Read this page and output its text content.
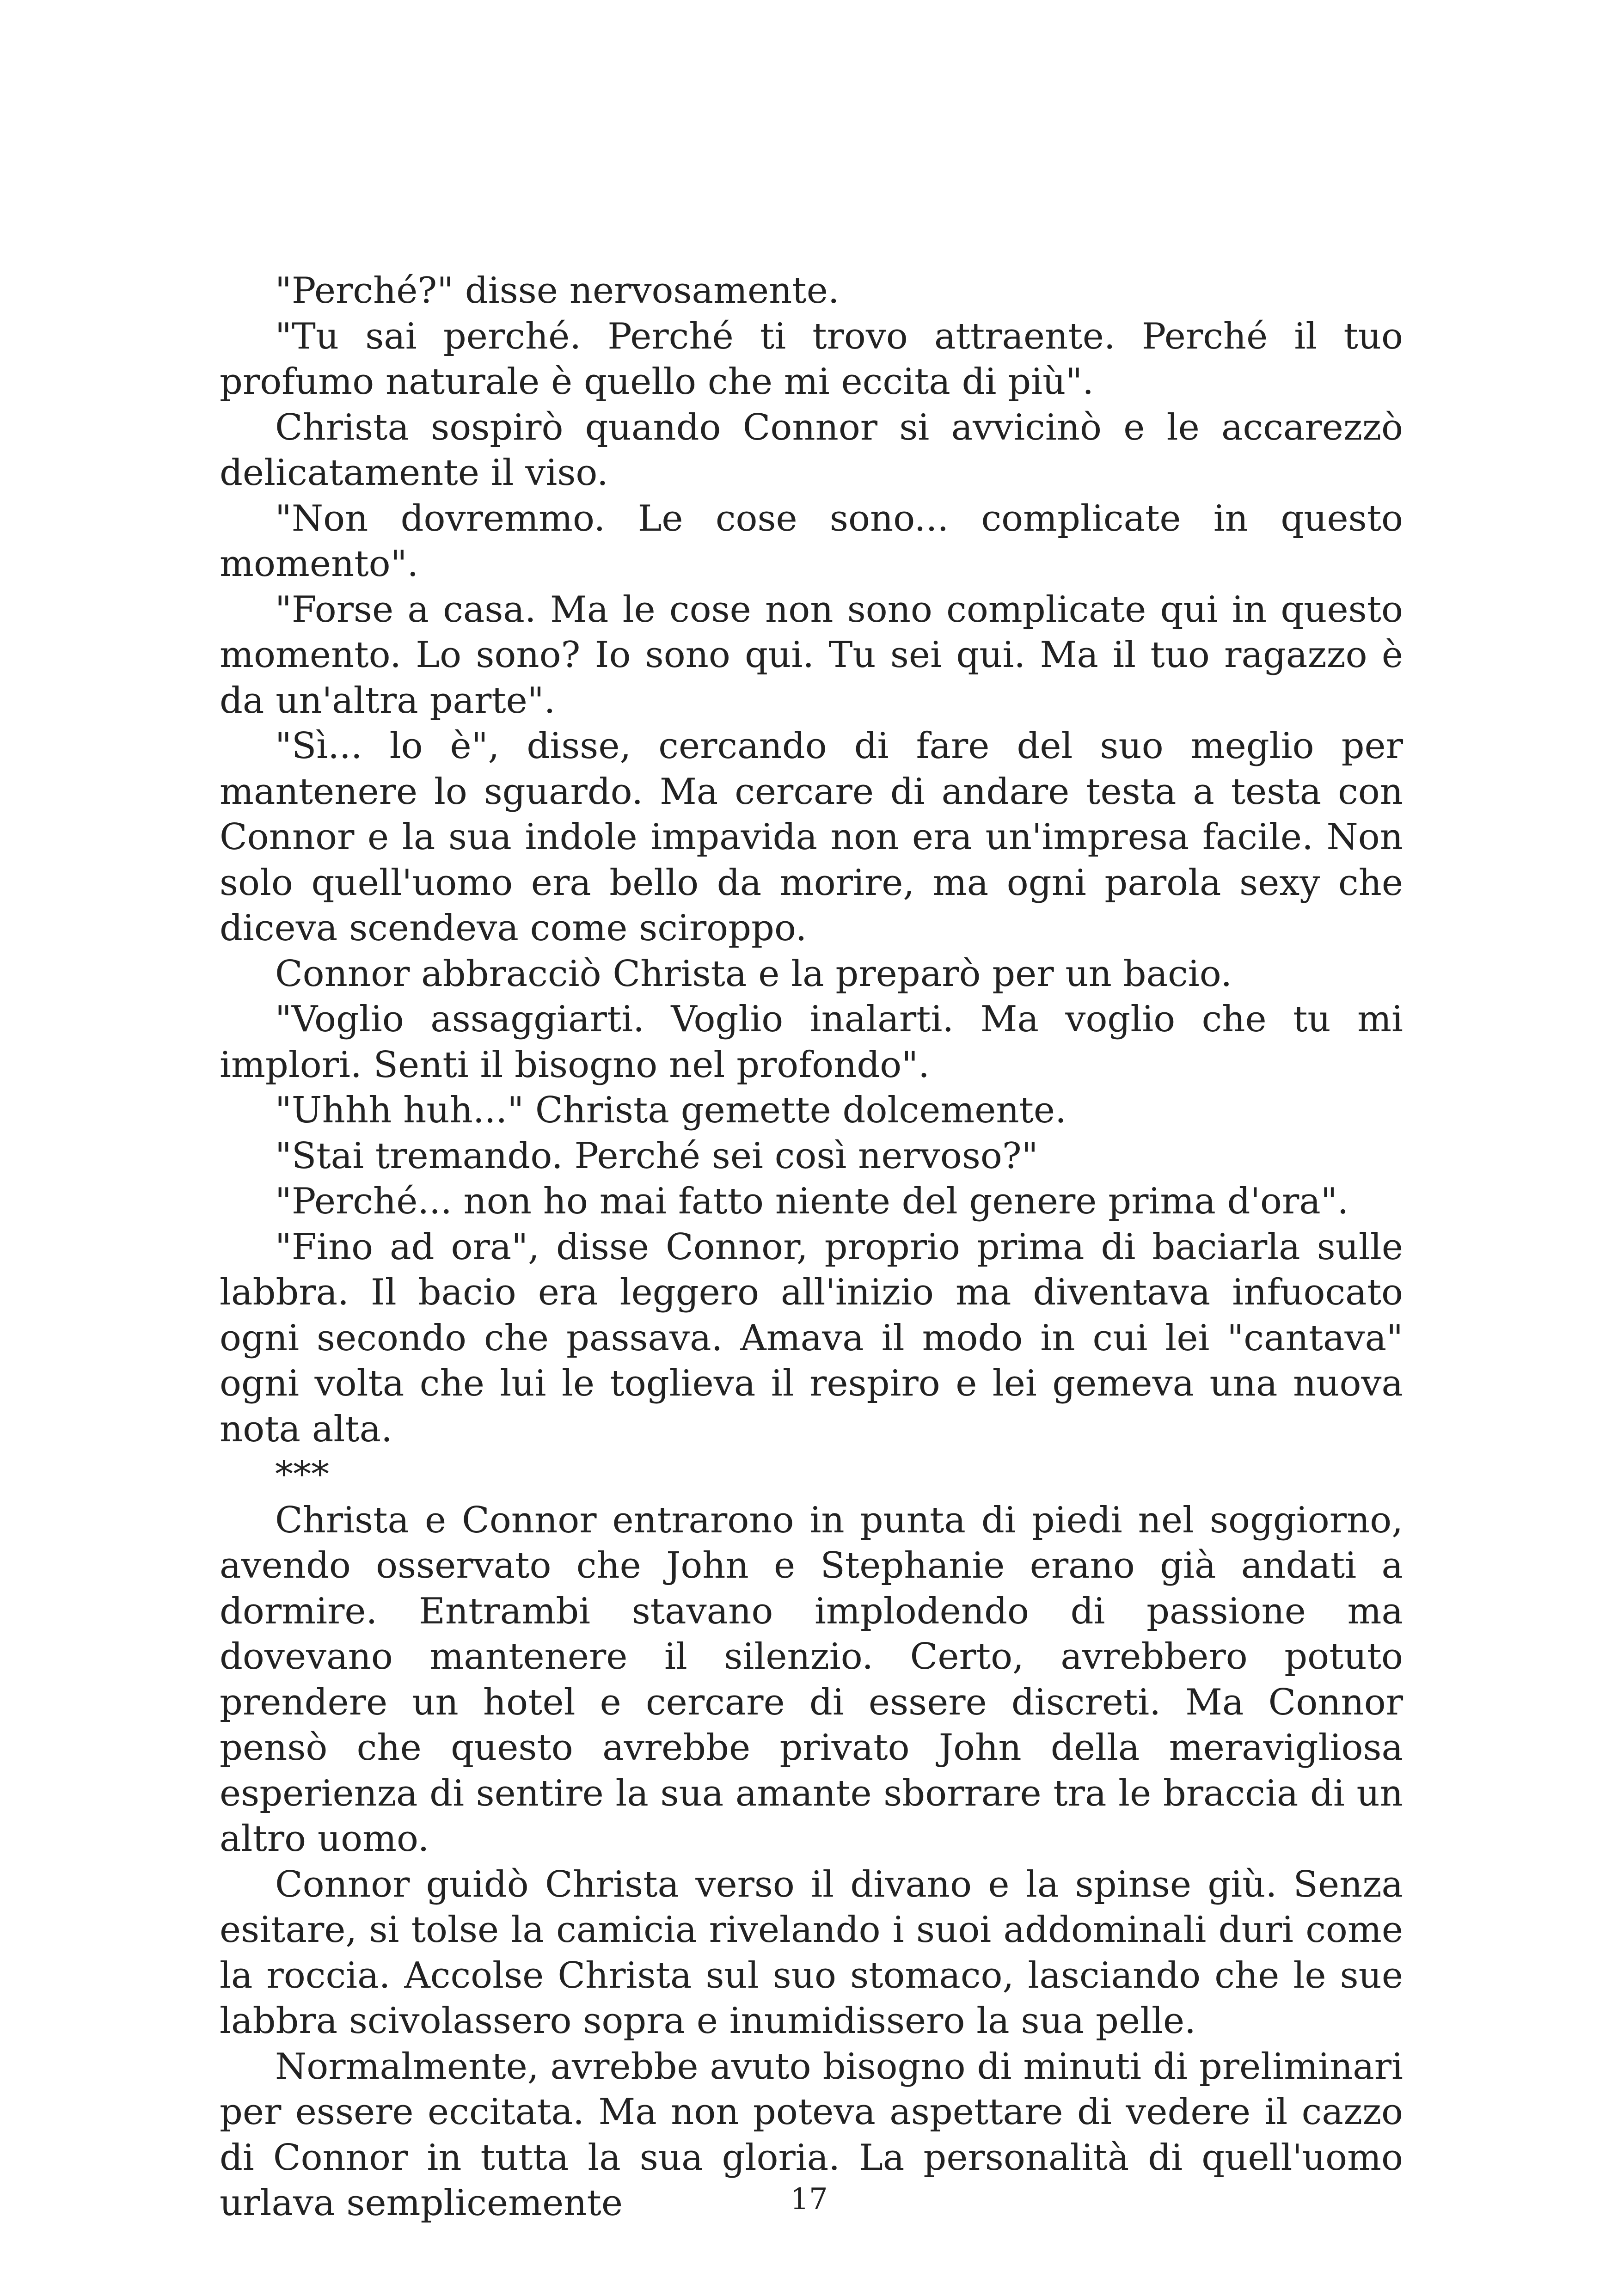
"Perché?" disse nervosamente.

"Tu sai perché. Perché ti trovo attraente. Perché il tuo profumo naturale è quello che mi eccita di più".

Christa sospirò quando Connor si avvicinò e le accarezzò delicatamente il viso.

"Non dovremmo. Le cose sono... complicate in questo momento".

"Forse a casa. Ma le cose non sono complicate qui in questo momento. Lo sono? Io sono qui. Tu sei qui. Ma il tuo ragazzo è da un'altra parte".

"Sì... lo è", disse, cercando di fare del suo meglio per mantenere lo sguardo. Ma cercare di andare testa a testa con Connor e la sua indole impavida non era un'impresa facile. Non solo quell'uomo era bello da morire, ma ogni parola sexy che diceva scendeva come sciroppo.

Connor abbracciò Christa e la preparò per un bacio.

"Voglio assaggiarti. Voglio inalarti. Ma voglio che tu mi implori. Senti il bisogno nel profondo".

"Uhhh huh..." Christa gemette dolcemente.

"Stai tremando. Perché sei così nervoso?"

"Perché... non ho mai fatto niente del genere prima d'ora".

"Fino ad ora", disse Connor, proprio prima di baciarla sulle labbra. Il bacio era leggero all'inizio ma diventava infuocato ogni secondo che passava. Amava il modo in cui lei "cantava" ogni volta che lui le toglieva il respiro e lei gemeva una nuova nota alta.

***

Christa e Connor entrarono in punta di piedi nel soggiorno, avendo osservato che John e Stephanie erano già andati a dormire. Entrambi stavano implodendo di passione ma dovevano mantenere il silenzio. Certo, avrebbero potuto prendere un hotel e cercare di essere discreti. Ma Connor pensò che questo avrebbe privato John della meravigliosa esperienza di sentire la sua amante sborrare tra le braccia di un altro uomo.

Connor guidò Christa verso il divano e la spinse giù. Senza esitare, si tolse la camicia rivelando i suoi addominali duri come la roccia. Accolse Christa sul suo stomaco, lasciando che le sue labbra scivolassero sopra e inumidissero la sua pelle.

Normalmente, avrebbe avuto bisogno di minuti di preliminari per essere eccitata. Ma non poteva aspettare di vedere il cazzo di Connor in tutta la sua gloria. La personalità di quell'uomo urlava semplicemente	17
